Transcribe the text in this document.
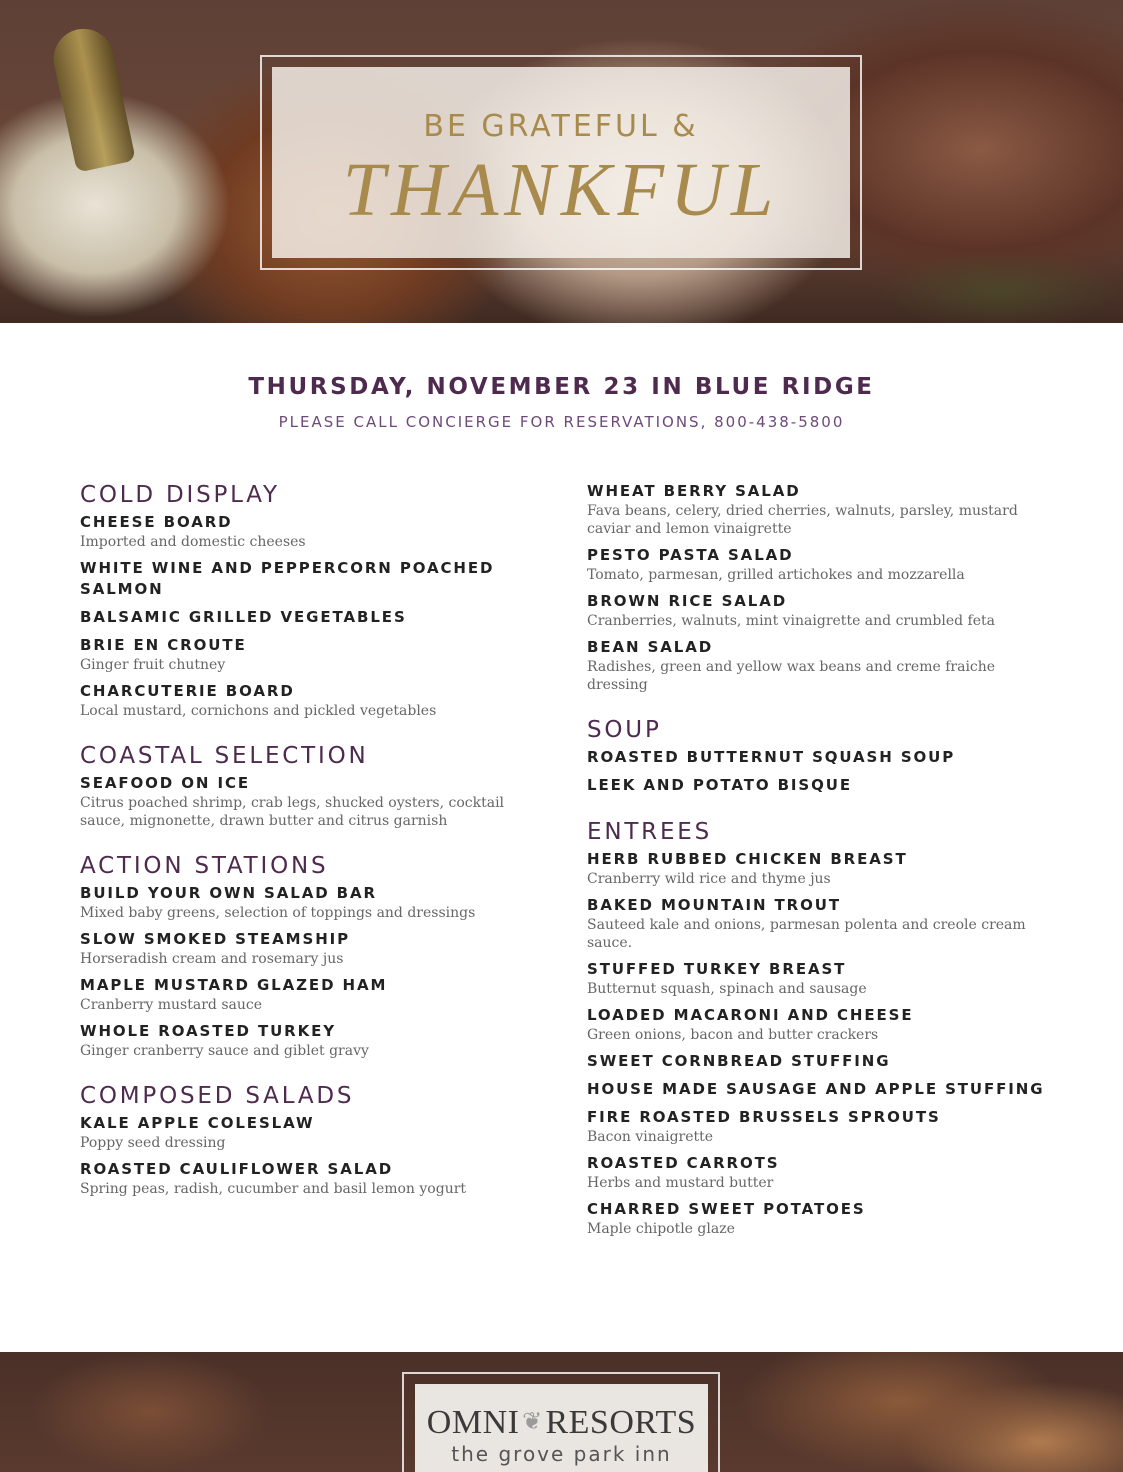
BE GRATEFUL &
THANKFUL
THURSDAY, NOVEMBER 23 IN BLUE RIDGE
PLEASE CALL CONCIERGE FOR RESERVATIONS, 800-438-5800
COLD DISPLAY
CHEESE BOARD
Imported and domestic cheeses
WHITE WINE AND PEPPERCORN POACHED SALMON
BALSAMIC GRILLED VEGETABLES
BRIE EN CROUTE
Ginger fruit chutney
CHARCUTERIE BOARD
Local mustard, cornichons and pickled vegetables
COASTAL SELECTION
SEAFOOD ON ICE
Citrus poached shrimp, crab legs, shucked oysters, cocktail sauce, mignonette, drawn butter and citrus garnish
ACTION STATIONS
BUILD YOUR OWN SALAD BAR
Mixed baby greens, selection of toppings and dressings
SLOW SMOKED STEAMSHIP
Horseradish cream and rosemary jus
MAPLE MUSTARD GLAZED HAM
Cranberry mustard sauce
WHOLE ROASTED TURKEY
Ginger cranberry sauce and giblet gravy
COMPOSED SALADS
KALE APPLE COLESLAW
Poppy seed dressing
ROASTED CAULIFLOWER SALAD
Spring peas, radish, cucumber and basil lemon yogurt
WHEAT BERRY SALAD
Fava beans, celery, dried cherries, walnuts, parsley, mustard caviar and lemon vinaigrette
PESTO PASTA SALAD
Tomato, parmesan, grilled artichokes and mozzarella
BROWN RICE SALAD
Cranberries, walnuts, mint vinaigrette and crumbled feta
BEAN SALAD
Radishes, green and yellow wax beans and creme fraiche dressing
SOUP
ROASTED BUTTERNUT SQUASH SOUP
LEEK AND POTATO BISQUE
ENTREES
HERB RUBBED CHICKEN BREAST
Cranberry wild rice and thyme jus
BAKED MOUNTAIN TROUT
Sauteed kale and onions, parmesan polenta and creole cream sauce.
STUFFED TURKEY BREAST
Butternut squash, spinach and sausage
LOADED MACARONI AND CHEESE
Green onions, bacon and butter crackers
SWEET CORNBREAD STUFFING
HOUSE MADE SAUSAGE AND APPLE STUFFING
FIRE ROASTED BRUSSELS SPROUTS
Bacon vinaigrette
ROASTED CARROTS
Herbs and mustard butter
CHARRED SWEET POTATOES
Maple chipotle glaze
OMNI ❦RESORTS
the grove park inn
